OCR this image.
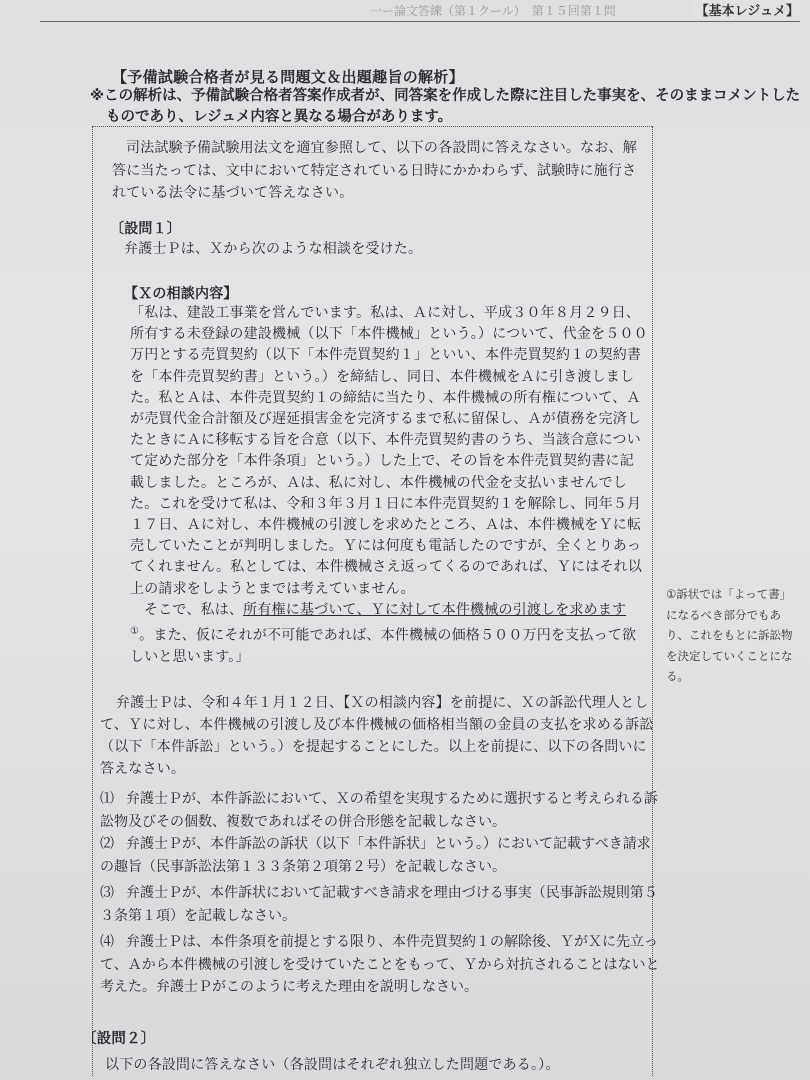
一ー論文答練（第１クール）　第１５回第１問	【基本レジュメ】
【予備試験合格者が見る問題文＆出題趣旨の解析】
※この解析は、予備試験合格者答案作成者が、同答案を作成した際に注目した事実を、そのままコメントしたものであり、レジュメ内容と異なる場合があります。
司法試験予備試験用法文を適宜参照して、以下の各設問に答えなさい。なお、解答に当たっては、文中において特定されている日時にかかわらず、試験時に施行されている法令に基づいて答えなさい。
〔設問１〕
弁護士Ｐは、Ｘから次のような相談を受けた。
【Ｘの相談内容】

「私は、建設工事業を営んでいます。私は、Ａに対し、平成３０年８月２９日、所有する未登録の建設機械（以下「本件機械」という。）について、代金を５００万円とする売買契約（以下「本件売買契約１」といい、本件売買契約１の契約書を「本件売買契約書」という。）を締結し、同日、本件機械をＡに引き渡しました。私とＡは、本件売買契約１の締結に当たり、本件機械の所有権について、Ａが売買代金合計額及び遅延損害金を完済するまで私に留保し、Ａが債務を完済したときにＡに移転する旨を合意（以下、本件売買契約書のうち、当該合意について定めた部分を「本件条項」という。）した上で、その旨を本件売買契約書に記載しました。ところが、Ａは、私に対し、本件機械の代金を支払いませんでした。これを受けて私は、令和３年３月１日に本件売買契約１を解除し、同年５月１７日、Ａに対し、本件機械の引渡しを求めたところ、Ａは、本件機械をＹに転売していたことが判明しました。Ｙには何度も電話したのですが、全くとりあってくれません。私としては、本件機械さえ返ってくるのであれば、Ｙにはそれ以上の請求をしようとまでは考えていません。

そこで、私は、所有権に基づいて、Ｙに対して本件機械の引渡しを求めます①。また、仮にそれが不可能であれば、本件機械の価格５００万円を支払って欲しいと思います。」

①訴状では「よって書」になるべき部分でもあり、これをもとに訴訟物を決定していくことになる。
弁護士Ｐは、令和４年１月１２日、【Ｘの相談内容】を前提に、Ｘの訴訟代理人として、Ｙに対し、本件機械の引渡し及び本件機械の価格相当額の金員の支払を求める訴訟（以下「本件訴訟」という。）を提起することにした。以上を前提に、以下の各問いに答えなさい。
⑴ 弁護士Ｐが、本件訴訟において、Ｘの希望を実現するために選択すると考えられる訴訟物及びその個数、複数であればその併合形態を記載しなさい。
⑵ 弁護士Ｐが、本件訴訟の訴状（以下「本件訴状」という。）において記載すべき請求の趣旨（民事訴訟法第１３３条第２項第２号）を記載しなさい。
⑶ 弁護士Ｐが、本件訴状において記載すべき請求を理由づける事実（民事訴訟規則第５３条第１項）を記載しなさい。
⑷ 弁護士Ｐは、本件条項を前提とする限り、本件売買契約１の解除後、ＹがＸに先立って、Ａから本件機械の引渡しを受けていたことをもって、Ｙから対抗されることはないと考えた。弁護士Ｐがこのように考えた理由を説明しなさい。
〔設問２〕
以下の各設問に答えなさい（各設問はそれぞれ独立した問題である。）。
